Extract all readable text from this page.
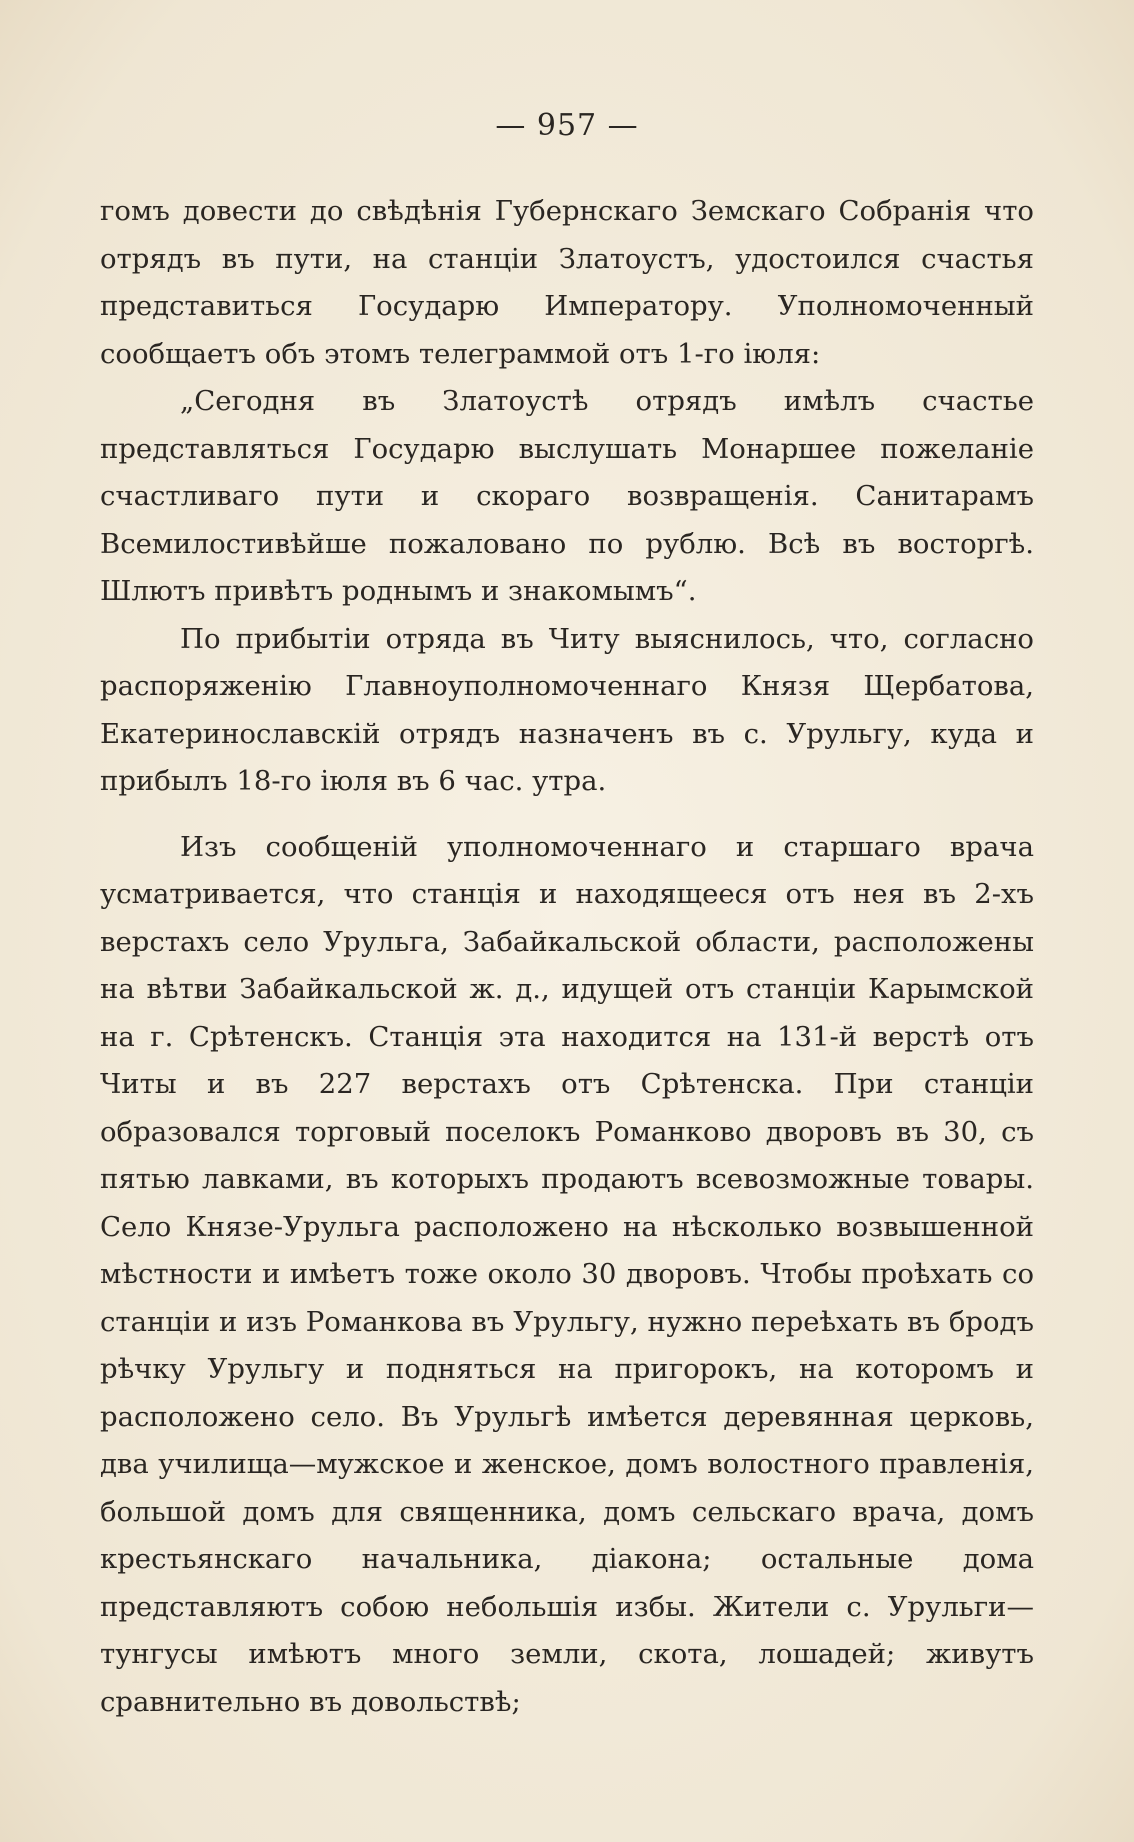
— 957 —

гомъ довести до свѣдѣнія Губернскаго Земскаго Собранія что отрядъ въ пути, на станціи Златоустъ, удостоился счастья представиться Государю Императору. Уполномоченный сообщаетъ объ этомъ телеграммой отъ 1-го іюля:

„Сегодня въ Златоустѣ отрядъ имѣлъ счастье представляться Государю выслушать Монаршее пожеланіе счастливаго пути и скораго возвращенія. Санитарамъ Всемилостивѣйше пожаловано по рублю. Всѣ въ восторгѣ. Шлютъ привѣтъ роднымъ и знакомымъ“.

По прибытіи отряда въ Читу выяснилось, что, согласно распоряженію Главноуполномоченнаго Князя Щербатова, Екатеринославскій отрядъ назначенъ въ с. Урульгу, куда и прибылъ 18-го іюля въ 6 час. утра.

Изъ сообщеній уполномоченнаго и старшаго врача усматривается, что станція и находящееся отъ нея въ 2-хъ верстахъ село Урульга, Забайкальской области, расположены на вѣтви Забайкальской ж. д., идущей отъ станціи Карымской на г. Срѣтенскъ. Станція эта находится на 131-й верстѣ отъ Читы и въ 227 верстахъ отъ Срѣтенска. При станціи образовался торговый поселокъ Романково дворовъ въ 30, съ пятью лавками, въ которыхъ продаютъ всевозможные товары. Село Князе-Урульга расположено на нѣсколько возвышенной мѣстности и имѣетъ тоже около 30 дворовъ. Чтобы проѣхать со станціи и изъ Романкова въ Урульгу, нужно переѣхать въ бродъ рѣчку Урульгу и подняться на пригорокъ, на которомъ и расположено село. Въ Урульгѣ имѣется деревянная церковь, два училища—мужское и женское, домъ волостного правленія, большой домъ для священника, домъ сельскаго врача, домъ крестьянскаго начальника, діакона; остальные дома представляютъ собою небольшія избы. Жители с. Урульги—тунгусы имѣютъ много земли, скота, лошадей; живутъ сравнительно въ довольствѣ;
